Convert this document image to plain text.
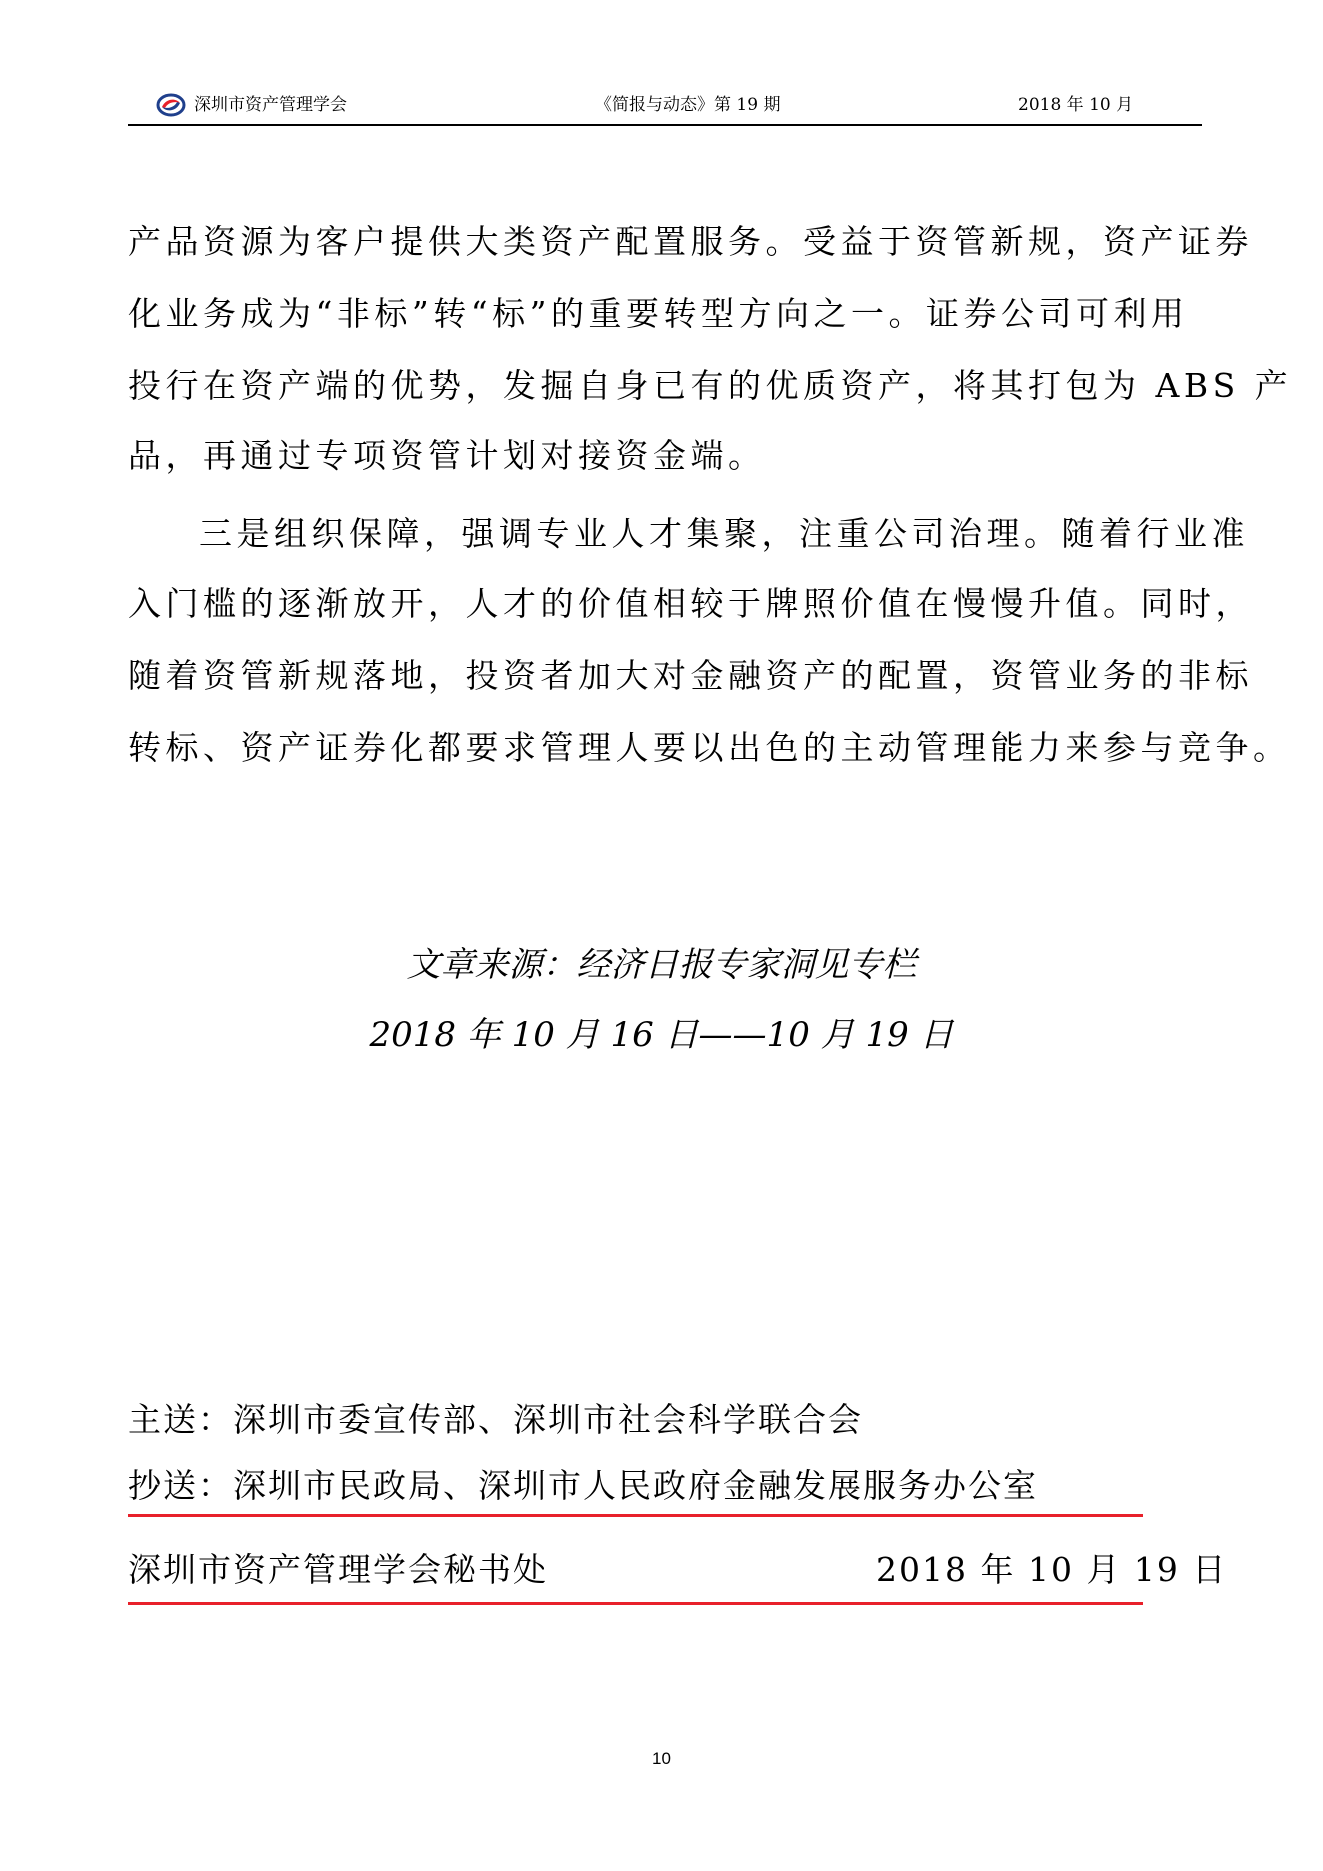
深圳市资产管理学会	《简报与动态》第 19 期	2018 年 10 月
产品资源为客户提供大类资产配置服务。受益于资管新规，资产证券
化业务成为“非标”转“标”的重要转型方向之一。证券公司可利用
投行在资产端的优势，发掘自身已有的优质资产，将其打包为 ABS 产
品，再通过专项资管计划对接资金端。
三是组织保障，强调专业人才集聚，注重公司治理。随着行业准
入门槛的逐渐放开，人才的价值相较于牌照价值在慢慢升值。同时，
随着资管新规落地，投资者加大对金融资产的配置，资管业务的非标
转标、资产证券化都要求管理人要以出色的主动管理能力来参与竞争。
文章来源：经济日报专家洞见专栏
2018 年 10 月 16 日——10 月 19 日
主送：深圳市委宣传部、深圳市社会科学联合会
抄送：深圳市民政局、深圳市人民政府金融发展服务办公室
深圳市资产管理学会秘书处	2018 年 10 月 19 日
10
